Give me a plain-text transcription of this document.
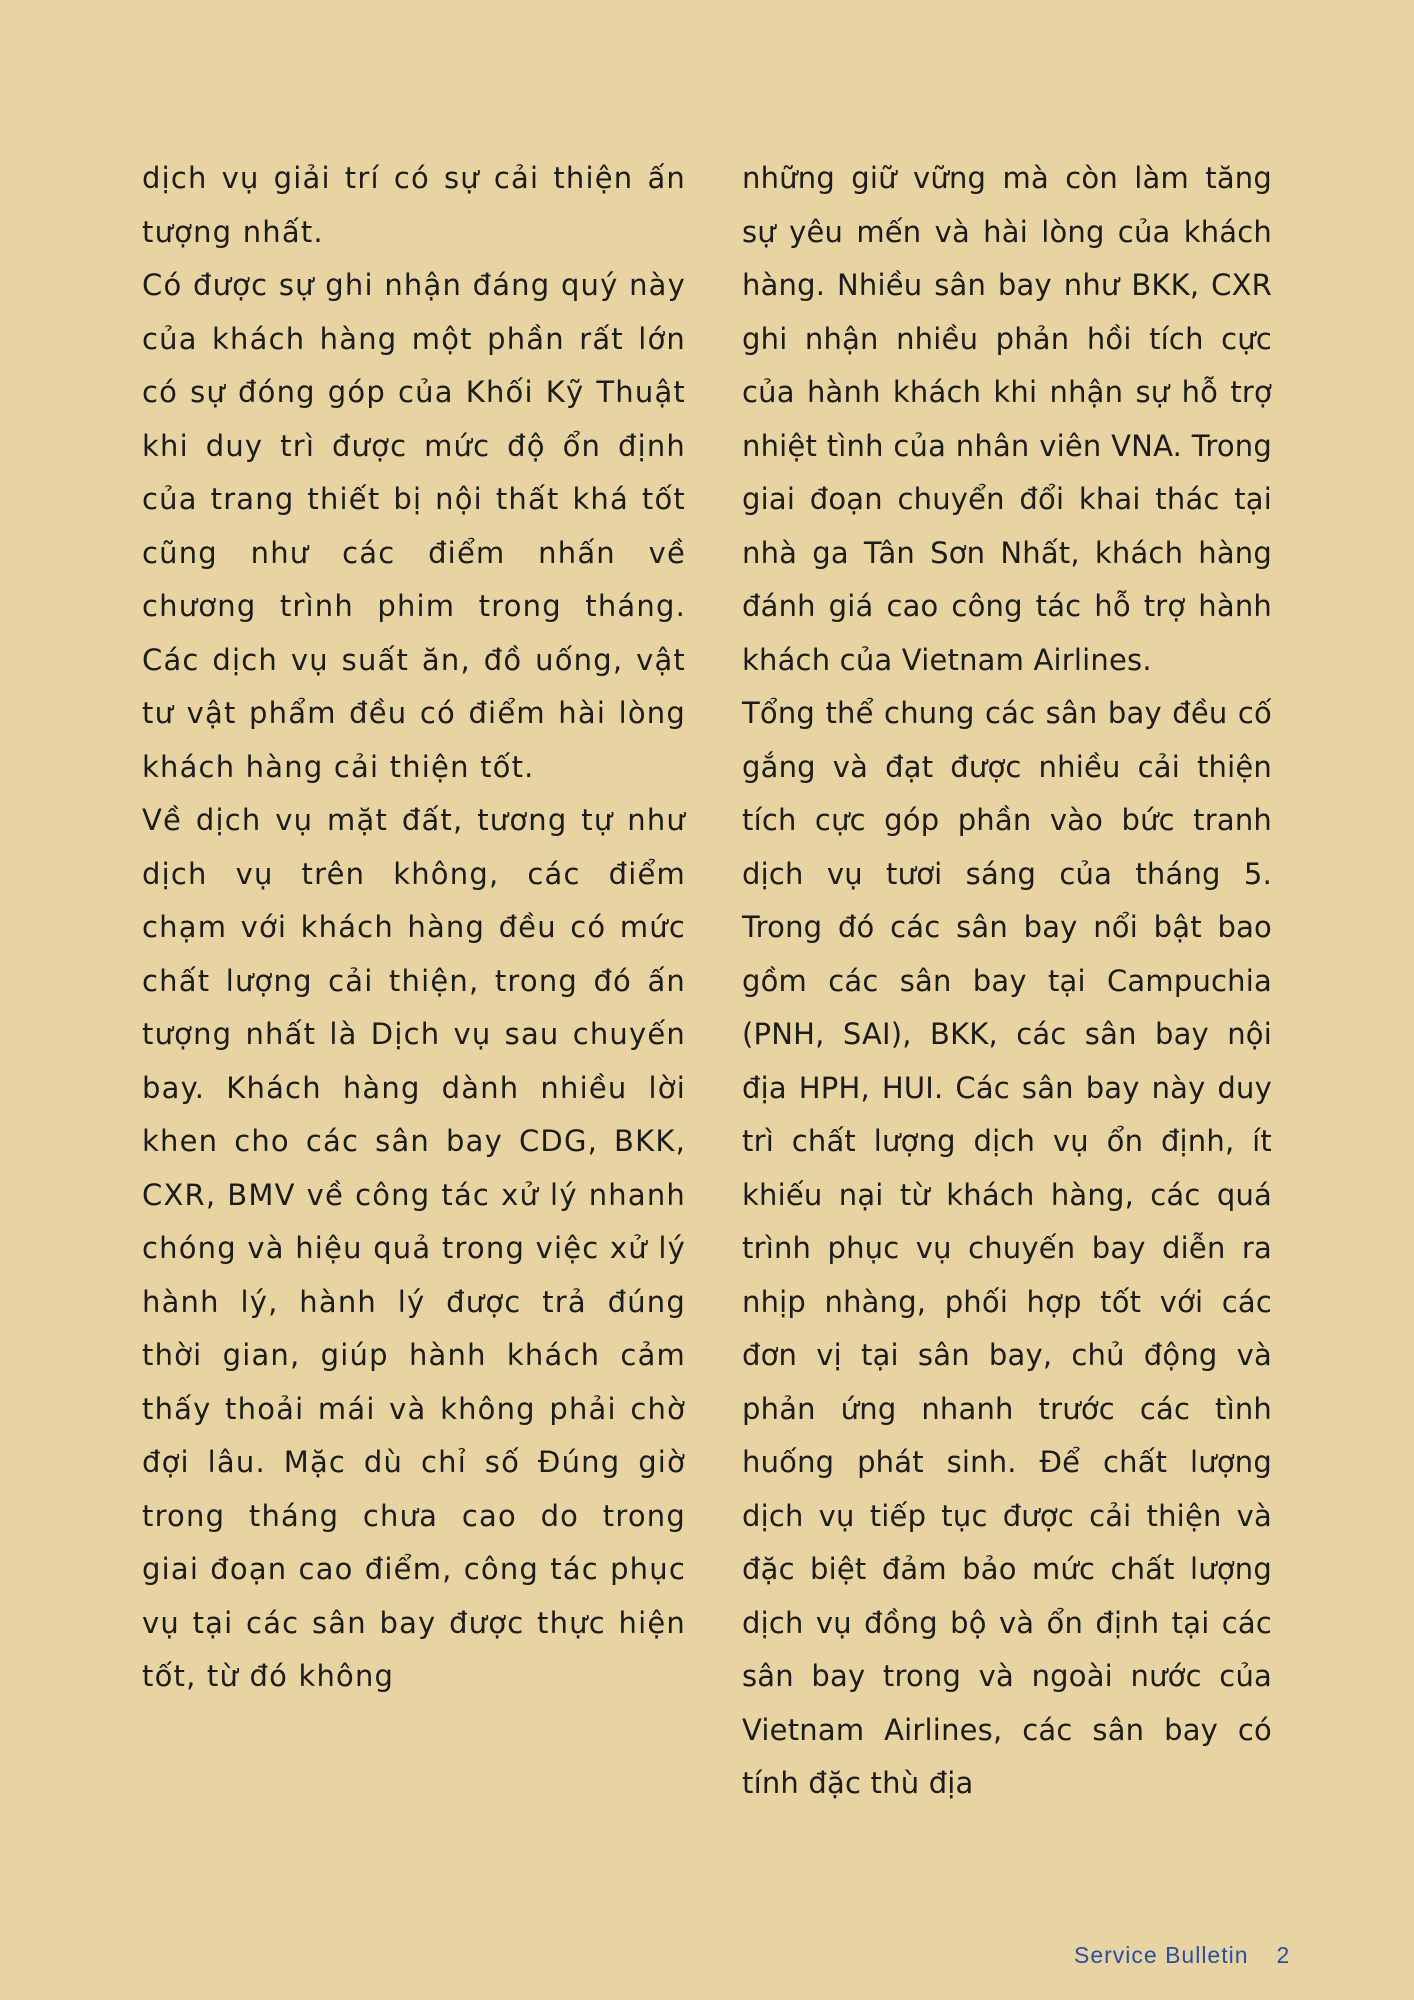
dịch vụ giải trí có sự cải thiện ấn tượng nhất.

Có được sự ghi nhận đáng quý này của khách hàng một phần rất lớn có sự đóng góp của Khối Kỹ Thuật khi duy trì được mức độ ổn định của trang thiết bị nội thất khá tốt cũng như các điểm nhấn về chương trình phim trong tháng. Các dịch vụ suất ăn, đồ uống, vật tư vật phẩm đều có điểm hài lòng khách hàng cải thiện tốt.

Về dịch vụ mặt đất, tương tự như dịch vụ trên không, các điểm chạm với khách hàng đều có mức chất lượng cải thiện, trong đó ấn tượng nhất là Dịch vụ sau chuyến bay. Khách hàng dành nhiều lời khen cho các sân bay CDG, BKK, CXR, BMV về công tác xử lý nhanh chóng và hiệu quả trong việc xử lý hành lý, hành lý được trả đúng thời gian, giúp hành khách cảm thấy thoải mái và không phải chờ đợi lâu. Mặc dù chỉ số Đúng giờ trong tháng chưa cao do trong giai đoạn cao điểm, công tác phục vụ tại các sân bay được thực hiện tốt, từ đó không

những giữ vững mà còn làm tăng sự yêu mến và hài lòng của khách hàng. Nhiều sân bay như BKK, CXR ghi nhận nhiều phản hồi tích cực của hành khách khi nhận sự hỗ trợ nhiệt tình của nhân viên VNA. Trong giai đoạn chuyển đổi khai thác tại nhà ga Tân Sơn Nhất, khách hàng đánh giá cao công tác hỗ trợ hành khách của Vietnam Airlines.

Tổng thể chung các sân bay đều cố gắng và đạt được nhiều cải thiện tích cực góp phần vào bức tranh dịch vụ tươi sáng của tháng 5. Trong đó các sân bay nổi bật bao gồm các sân bay tại Campuchia (PNH, SAI), BKK, các sân bay nội địa HPH, HUI. Các sân bay này duy trì chất lượng dịch vụ ổn định, ít khiếu nại từ khách hàng, các quá trình phục vụ chuyến bay diễn ra nhịp nhàng, phối hợp tốt với các đơn vị tại sân bay, chủ động và phản ứng nhanh trước các tình huống phát sinh. Để chất lượng dịch vụ tiếp tục được cải thiện và đặc biệt đảm bảo mức chất lượng dịch vụ đồng bộ và ổn định tại các sân bay trong và ngoài nước của Vietnam Airlines, các sân bay có tính đặc thù địa

Service Bulletin 2
